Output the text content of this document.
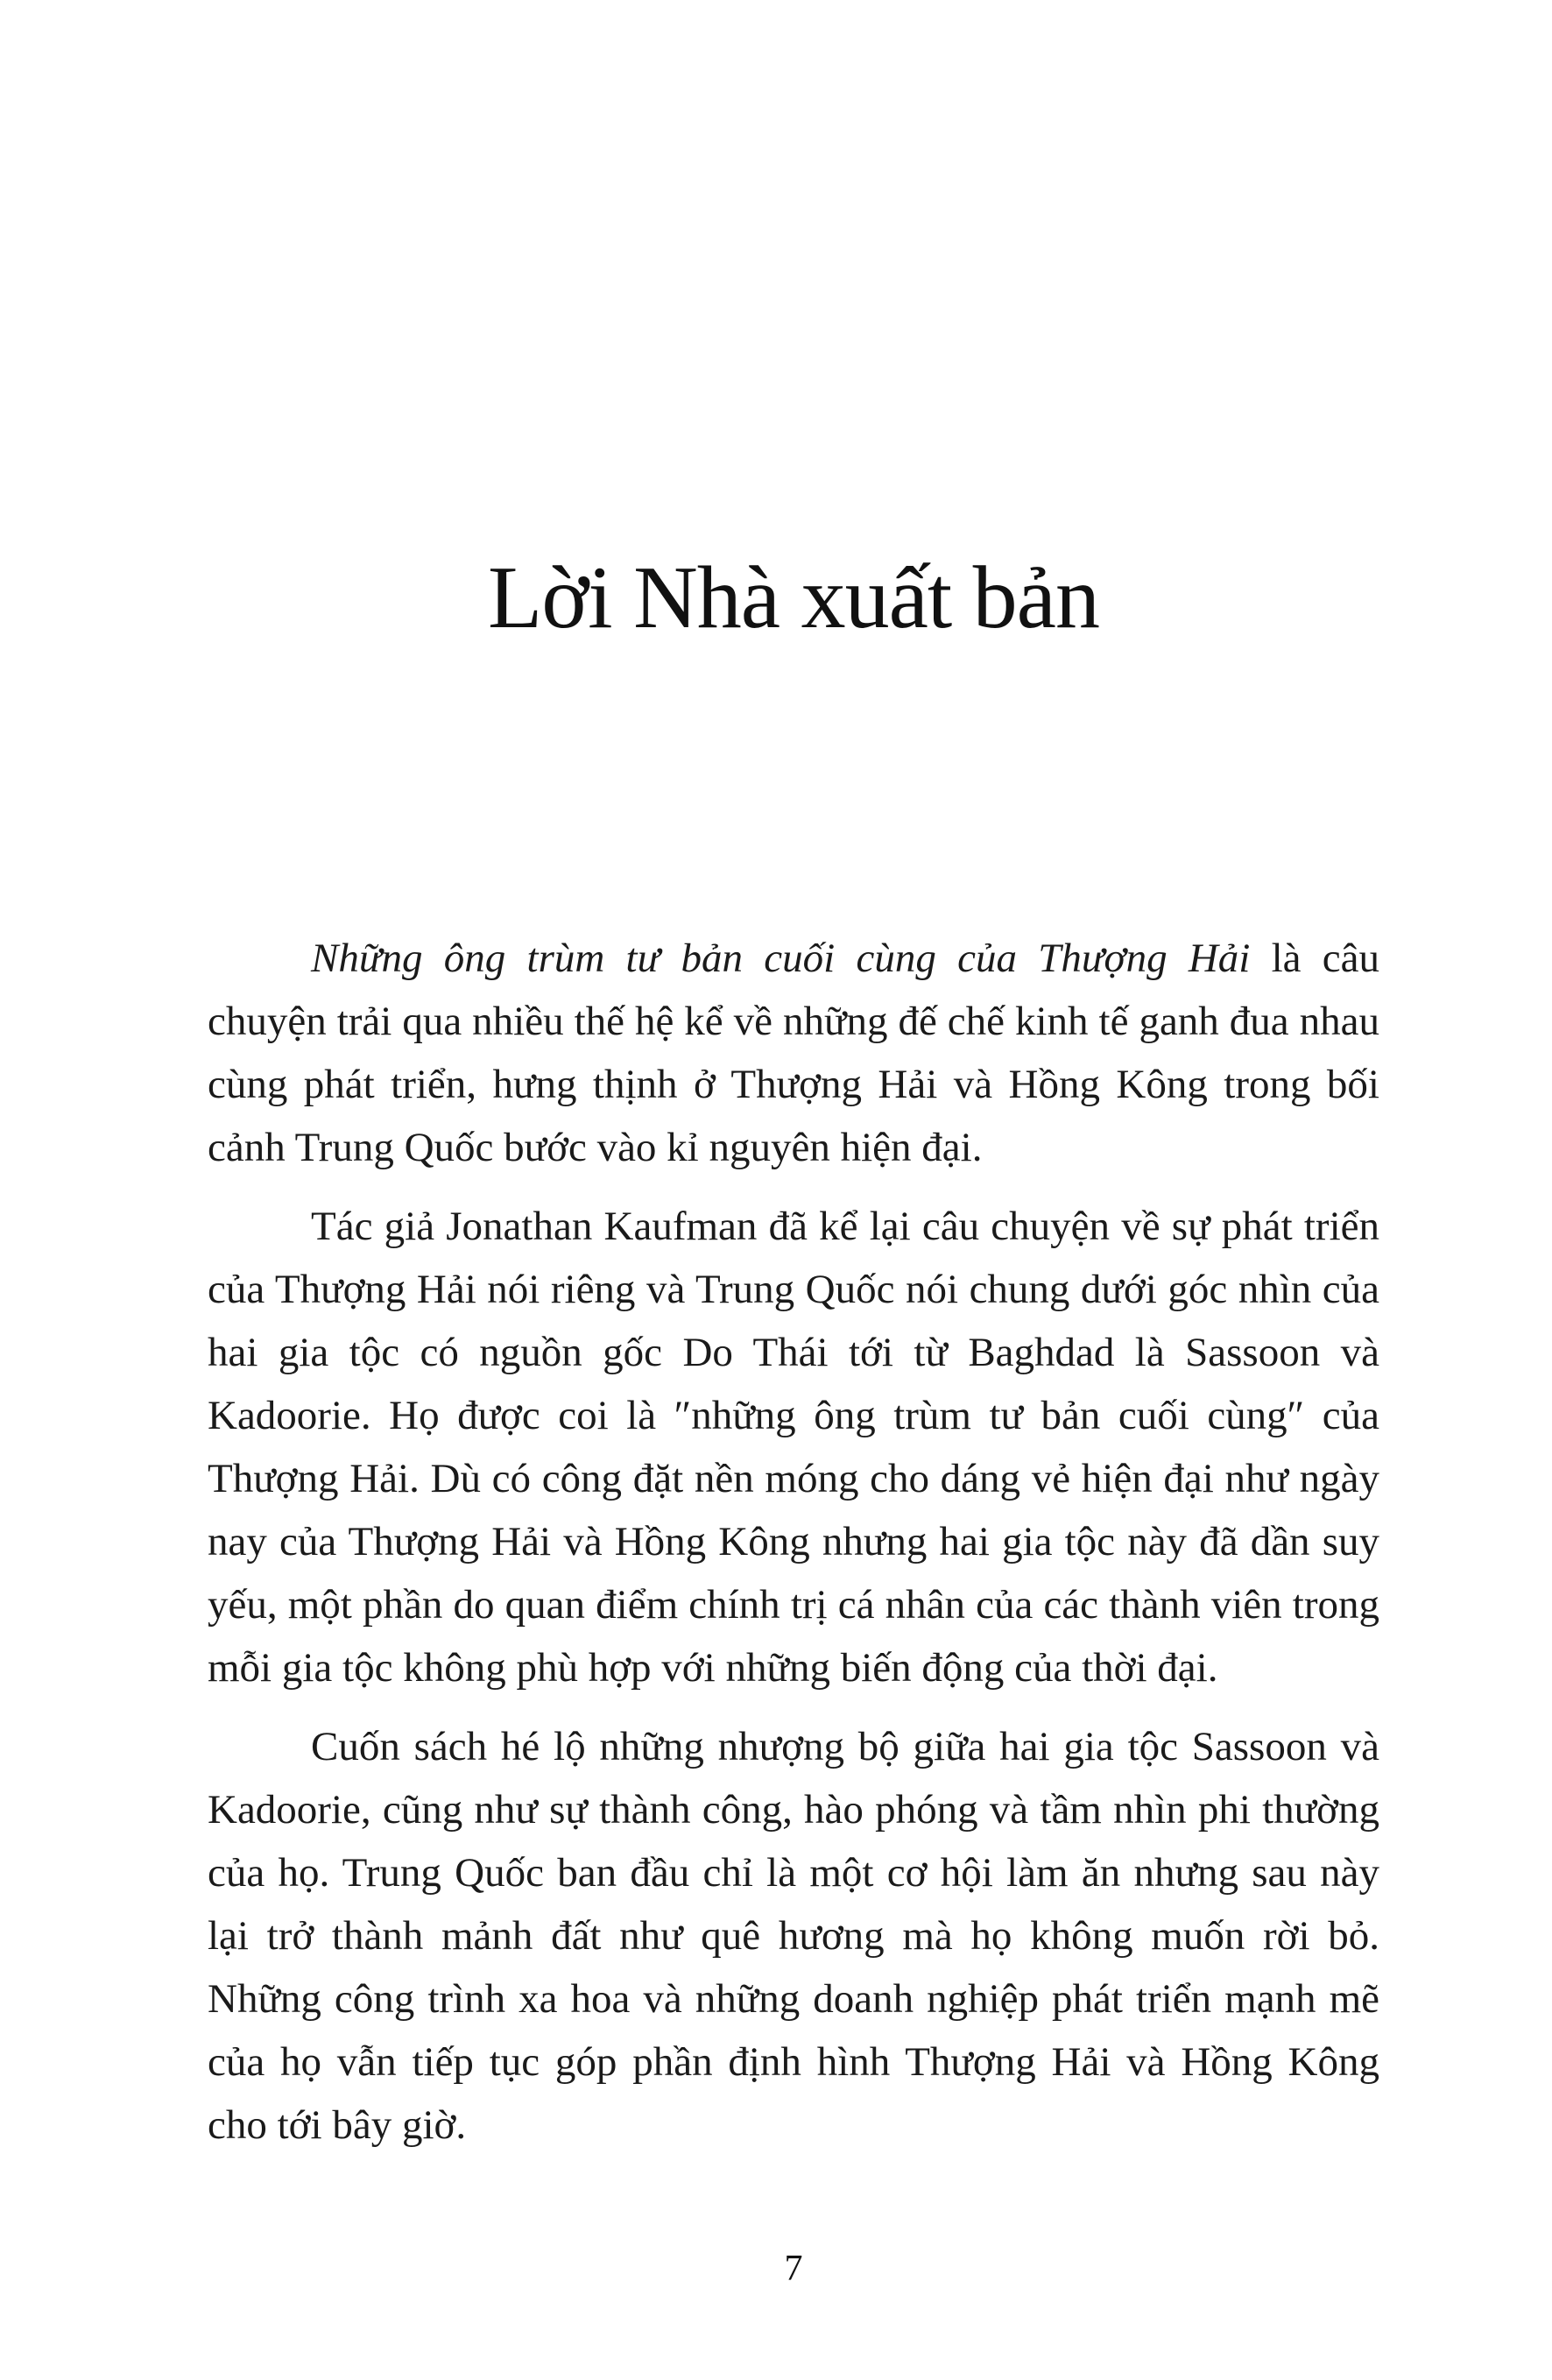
Lời Nhà xuất bản

Những ông trùm tư bản cuối cùng của Thượng Hải là câu chuyện trải qua nhiều thế hệ kể về những đế chế kinh tế ganh đua nhau cùng phát triển, hưng thịnh ở Thượng Hải và Hồng Kông trong bối cảnh Trung Quốc bước vào kỉ nguyên hiện đại.

Tác giả Jonathan Kaufman đã kể lại câu chuyện về sự phát triển của Thượng Hải nói riêng và Trung Quốc nói chung dưới góc nhìn của hai gia tộc có nguồn gốc Do Thái tới từ Baghdad là Sassoon và Kadoorie. Họ được coi là ″những ông trùm tư bản cuối cùng″ của Thượng Hải. Dù có công đặt nền móng cho dáng vẻ hiện đại như ngày nay của Thượng Hải và Hồng Kông nhưng hai gia tộc này đã dần suy yếu, một phần do quan điểm chính trị cá nhân của các thành viên trong mỗi gia tộc không phù hợp với những biến động của thời đại.

Cuốn sách hé lộ những nhượng bộ giữa hai gia tộc Sassoon và Kadoorie, cũng như sự thành công, hào phóng và tầm nhìn phi thường của họ. Trung Quốc ban đầu chỉ là một cơ hội làm ăn nhưng sau này lại trở thành mảnh đất như quê hương mà họ không muốn rời bỏ. Những công trình xa hoa và những doanh nghiệp phát triển mạnh mẽ của họ vẫn tiếp tục góp phần định hình Thượng Hải và Hồng Kông cho tới bây giờ.

7
